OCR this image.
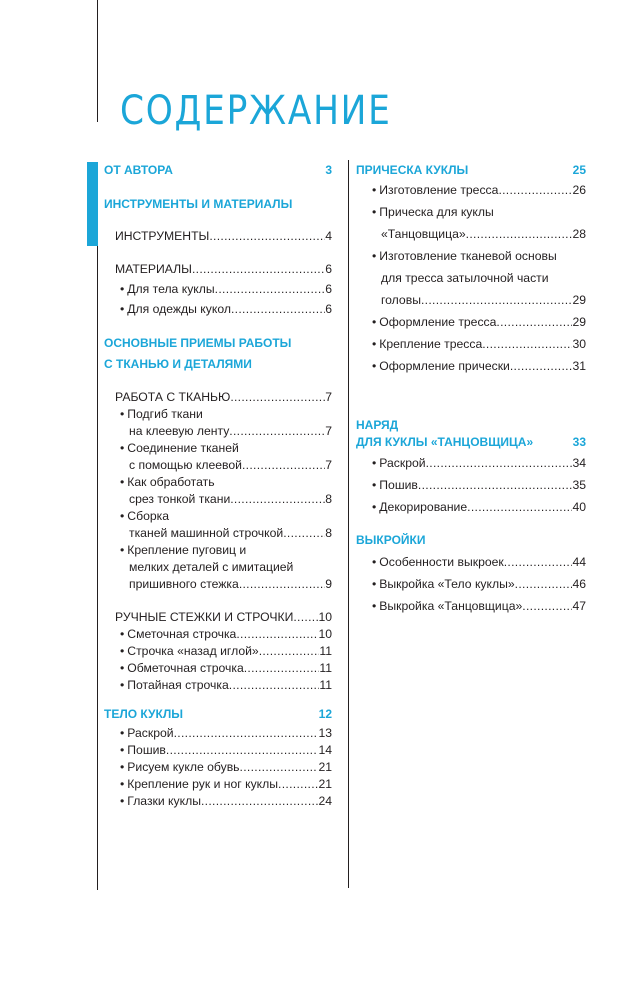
СОДЕРЖАНИЕ
ОТ АВТОРА	3
ИНСТРУМЕНТЫ И МАТЕРИАЛЫ
ИНСТРУМЕНТЫ .....	4
МАТЕРИАЛЫ .....	6
• Для тела куклы .....	6
• Для одежды кукол .....	6
ОСНОВНЫЕ ПРИЕМЫ РАБОТЫ
С ТКАНЬЮ И ДЕТАЛЯМИ
РАБОТА С ТКАНЬЮ .....	7
• Подгиб ткани
на клеевую ленту .....	7
• Соединение тканей
с помощью клеевой .....	7
• Как обработать
срез тонкой ткани .....	8
• Сборка
тканей машинной строчкой .....	8
• Крепление пуговиц и
мелких деталей с имитацией
пришивного стежка .....	9
РУЧНЫЕ СТЕЖКИ И СТРОЧКИ ..... 10
• Сметочная строчка .....	10
• Строчка «назад иглой» .....	11
• Обметочная строчка .....	11
• Потайная строчка .....	11
ТЕЛО КУКЛЫ	12
• Раскрой .....	13
• Пошив .....	14
• Рисуем кукле обувь .....	21
• Крепление рук и ног куклы .....	21
• Глазки куклы .....	24
ПРИЧЕСКА КУКЛЫ	25
• Изготовление тресса .....	26
• Прическа для куклы
«Танцовщица» .....	28
• Изготовление тканевой основы
для тресса затылочной части
головы .....	29
• Оформление тресса .....	29
• Крепление тресса .....	30
• Оформление прически .....	31
НАРЯД
ДЛЯ КУКЛЫ «ТАНЦОВЩИЦА»	33
• Раскрой .....	34
• Пошив .....	35
• Декорирование .....	40
ВЫКРОЙКИ
• Особенности выкроек .....	44
• Выкройка «Тело куклы» .....	46
• Выкройка «Танцовщица» .....	47
